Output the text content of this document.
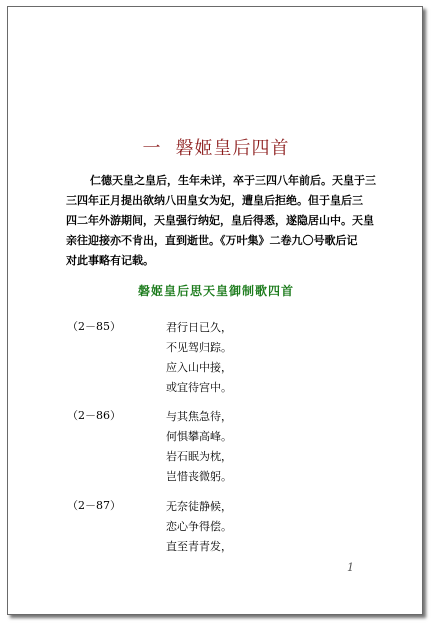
一 磐姬皇后四首
仁德天皇之皇后，生年未详，卒于三四八年前后。天皇于三
三四年正月提出欲纳八田皇女为妃，遭皇后拒绝。但于皇后三
四二年外游期间，天皇强行纳妃，皇后得悉，遂隐居山中。天皇
亲往迎接亦不肯出，直到逝世。《万叶集》二卷九〇号歌后记
对此事略有记载。
磐姬皇后思天皇御制歌四首
（2－85）	君行日已久，
不见驾归踪。
应入山中接，
或宜待宫中。
（2－86）	与其焦急待，
何惧攀高峰。
岩石眠为枕，
岂惜丧微躬。
（2－87）	无奈徒静候，
恋心争得偿。
直至青青发，
1
